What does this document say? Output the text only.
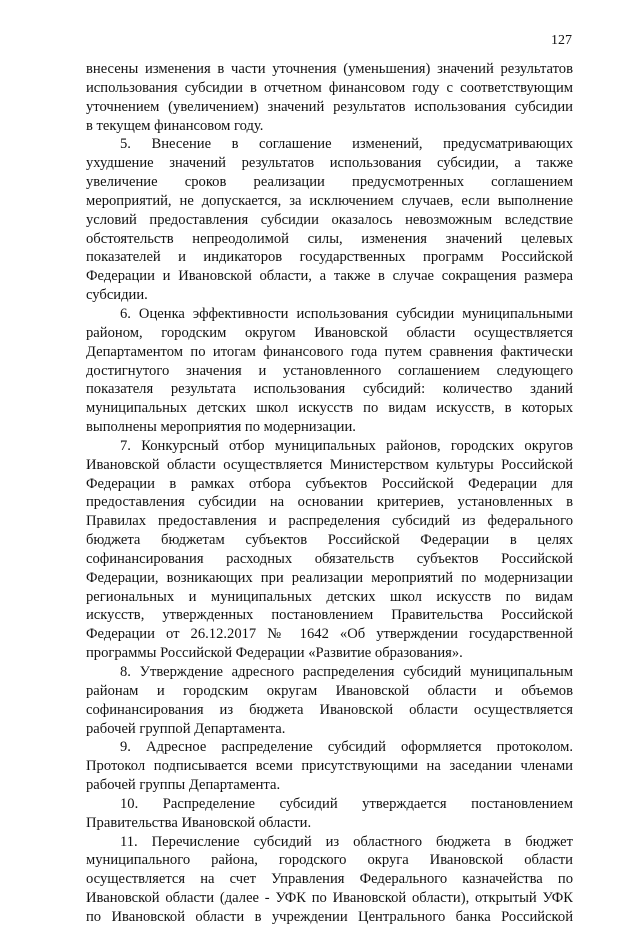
127
внесены изменения в части уточнения (уменьшения) значений результатов
использования субсидии в отчетном финансовом году с соответствующим
уточнением (увеличением) значений результатов использования субсидии
в текущем финансовом году.
5. Внесение в соглашение изменений, предусматривающих
ухудшение значений результатов использования субсидии, а также
увеличение сроков реализации предусмотренных соглашением
мероприятий, не допускается, за исключением случаев, если выполнение
условий предоставления субсидии оказалось невозможным вследствие
обстоятельств непреодолимой силы, изменения значений целевых
показателей и индикаторов государственных программ Российской
Федерации и Ивановской области, а также в случае сокращения размера
субсидии.
6. Оценка эффективности использования субсидии муниципальными
районом, городским округом Ивановской области осуществляется
Департаментом по итогам финансового года путем сравнения фактически
достигнутого значения и установленного соглашением следующего
показателя результата использования субсидий: количество зданий
муниципальных детских школ искусств по видам искусств, в которых
выполнены мероприятия по модернизации.
7. Конкурсный отбор муниципальных районов, городских округов
Ивановской области осуществляется Министерством культуры Российской
Федерации в рамках отбора субъектов Российской Федерации для
предоставления субсидии на основании критериев, установленных в
Правилах предоставления и распределения субсидий из федерального
бюджета бюджетам субъектов Российской Федерации в целях
софинансирования расходных обязательств субъектов Российской
Федерации, возникающих при реализации мероприятий по модернизации
региональных и муниципальных детских школ искусств по видам
искусств, утвержденных постановлением Правительства Российской
Федерации от 26.12.2017 № 1642 «Об утверждении государственной
программы Российской Федерации «Развитие образования».
8. Утверждение адресного распределения субсидий муниципальным
районам и городским округам Ивановской области и объемов
софинансирования из бюджета Ивановской области осуществляется
рабочей группой Департамента.
9. Адресное распределение субсидий оформляется протоколом.
Протокол подписывается всеми присутствующими на заседании членами
рабочей группы Департамента.
10. Распределение субсидий утверждается постановлением
Правительства Ивановской области.
11. Перечисление субсидий из областного бюджета в бюджет
муниципального района, городского округа Ивановской области
осуществляется на счет Управления Федерального казначейства по
Ивановской области (далее - УФК по Ивановской области), открытый УФК
по Ивановской области в учреждении Центрального банка Российской
